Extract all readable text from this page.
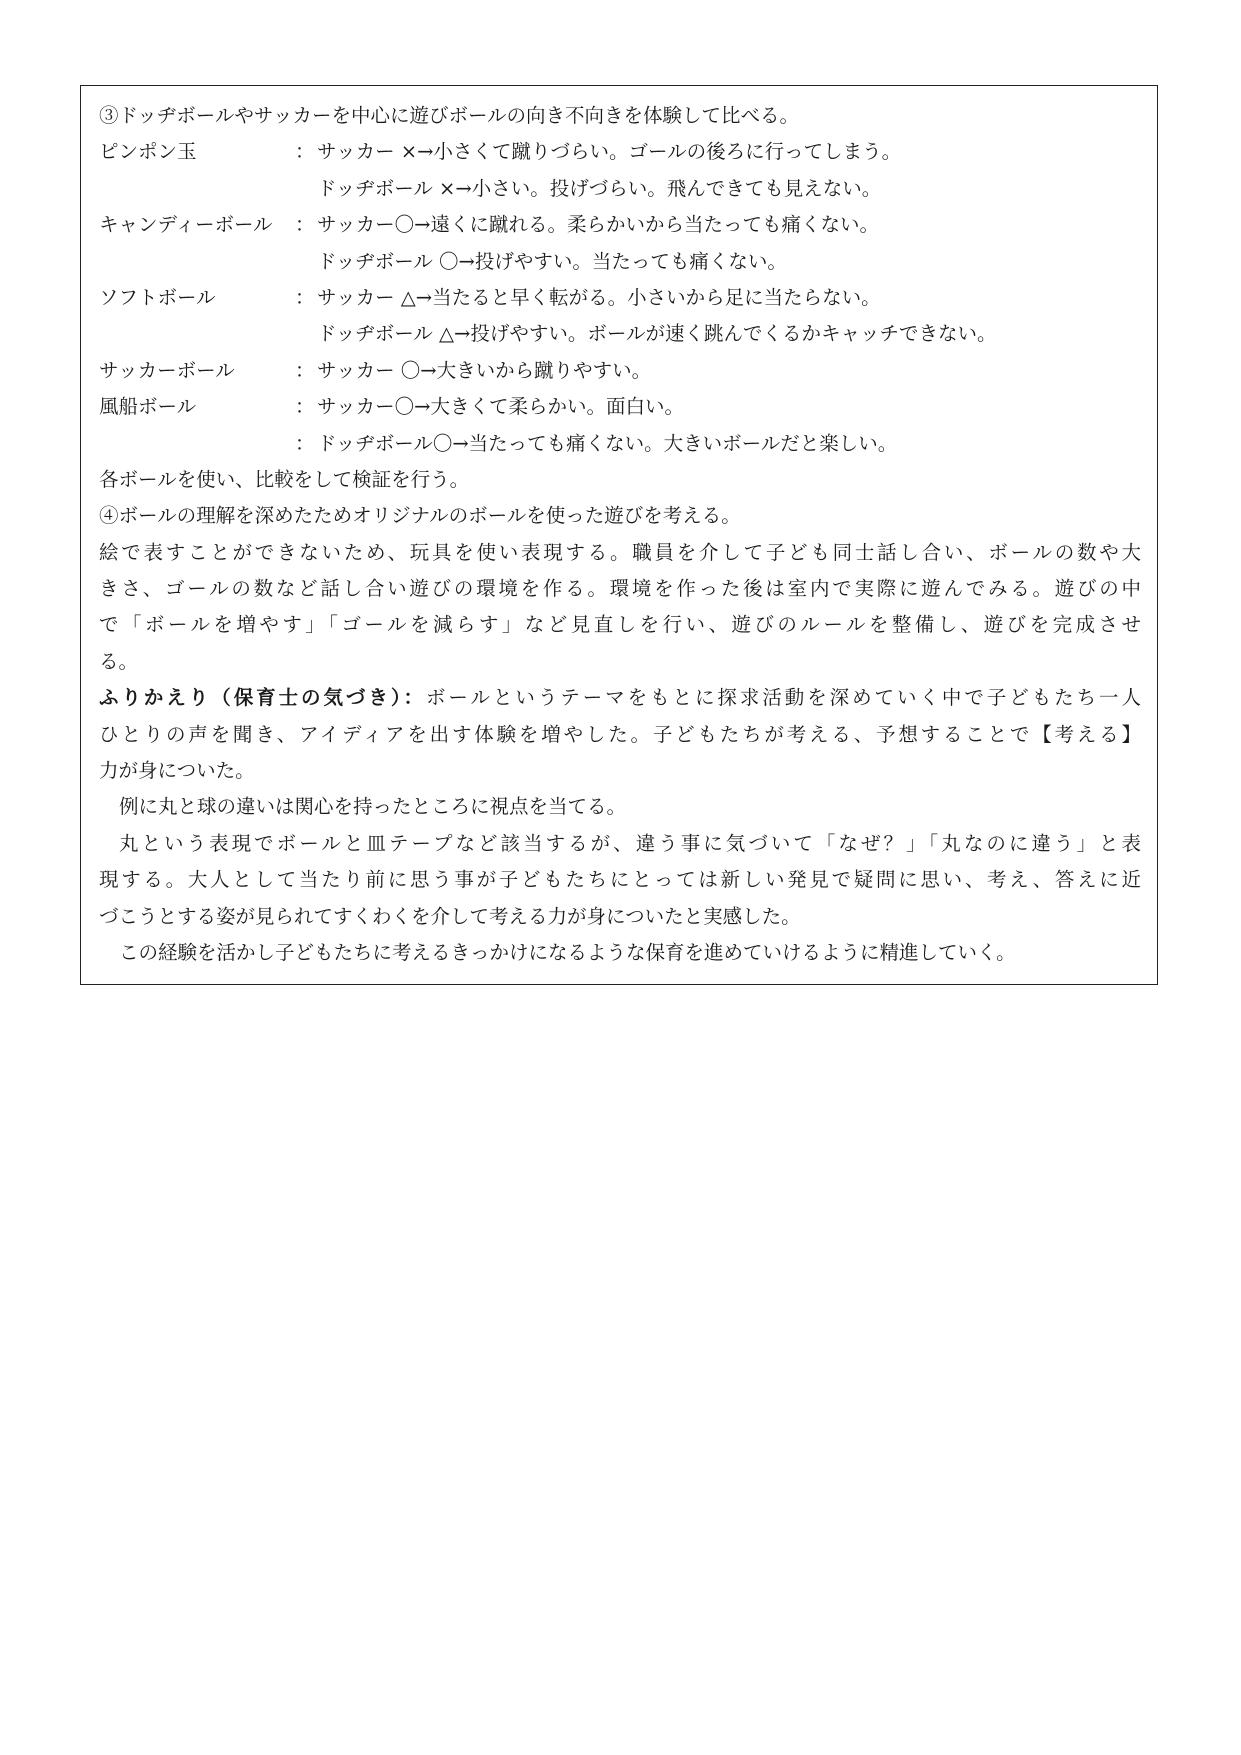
③ドッヂボールやサッカーを中心に遊びボールの向き不向きを体験して比べる。
ピンポン玉	： サッカー ×→小さくて蹴りづらい。ゴールの後ろに行ってしまう。
ドッヂボール ×→小さい。投げづらい。飛んできても見えない。
キャンディーボール	： サッカー〇→遠くに蹴れる。柔らかいから当たっても痛くない。
ドッヂボール 〇→投げやすい。当たっても痛くない。
ソフトボール	： サッカー △→当たると早く転がる。小さいから足に当たらない。
ドッヂボール △→投げやすい。ボールが速く跳んでくるかキャッチできない。
サッカーボール	： サッカー 〇→大きいから蹴りやすい。
風船ボール	： サッカー〇→大きくて柔らかい。面白い。
： ドッヂボール〇→当たっても痛くない。大きいボールだと楽しい。
各ボールを使い、比較をして検証を行う。
④ボールの理解を深めたためオリジナルのボールを使った遊びを考える。
絵で表すことができないため、玩具を使い表現する。職員を介して子ども同士話し合い、ボールの数や大
きさ、ゴールの数など話し合い遊びの環境を作る。環境を作った後は室内で実際に遊んでみる。遊びの中
で「ボールを増やす」「ゴールを減らす」など見直しを行い、遊びのルールを整備し、遊びを完成させ
る。
ふりかえり（保育士の気づき）：ボールというテーマをもとに探求活動を深めていく中で子どもたち一人
ひとりの声を聞き、アイディアを出す体験を増やした。子どもたちが考える、予想することで【考える】
力が身についた。
例に丸と球の違いは関心を持ったところに視点を当てる。
丸という表現でボールと皿テープなど該当するが、違う事に気づいて「なぜ？」「丸なのに違う」と表
現する。大人として当たり前に思う事が子どもたちにとっては新しい発見で疑問に思い、考え、答えに近
づこうとする姿が見られてすくわくを介して考える力が身についたと実感した。
この経験を活かし子どもたちに考えるきっかけになるような保育を進めていけるように精進していく。
